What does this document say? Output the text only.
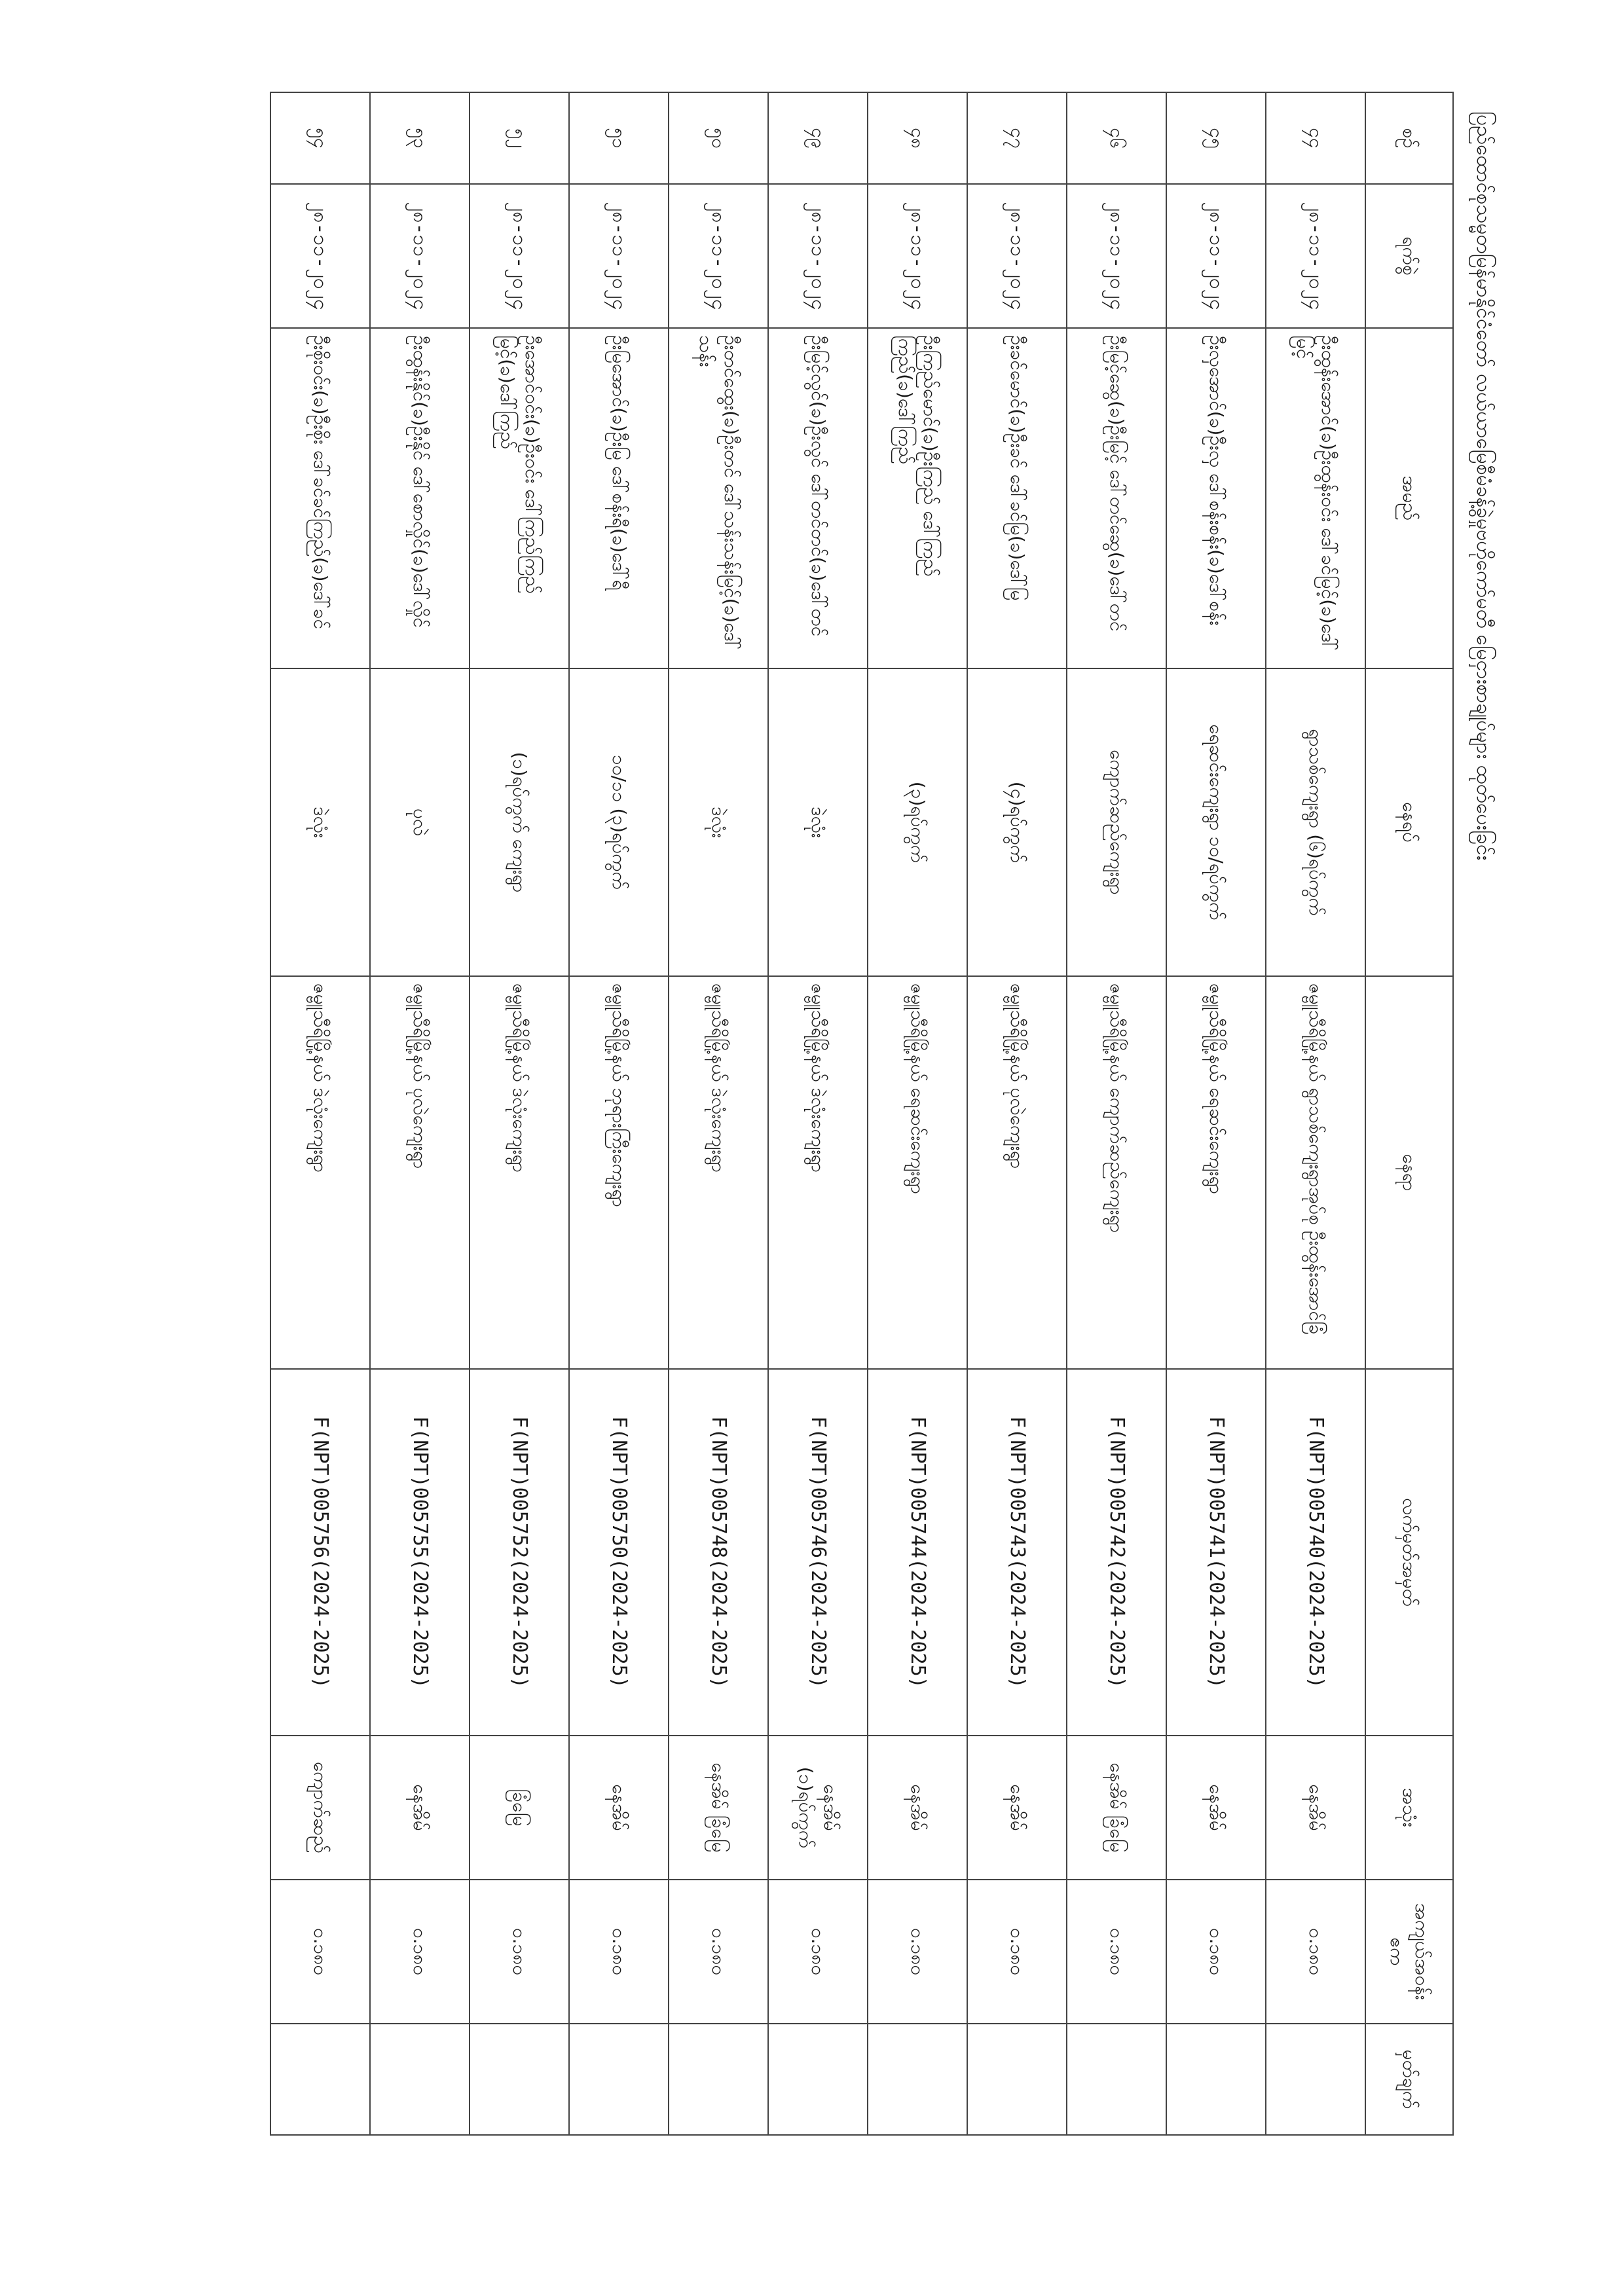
ပြည်ထောင်စုသမ္မတမြန်မာနိုင်ငံတော် လယ်ယာမြေစီမံခန့်ခွဲမှုဗဟိုကော်မတီ မြေငှားစာချုပ်များ ထုတ်ပေးခြင်း
စဉ်	ရက်စွဲ	အမည်	နေရပ်	နေရာ	လက်မှတ်အမှတ်	အသုံး	အကျယ်အဝန်း ဧက	မှတ်ချက်
၄၄	၂၈-၁၁-၂၀၂၄	ဦးထွန်းအောင်(ခ)ဦးထွန်းဝင်း ဒေါ်ခင်မြင့်(ခ)ဒေါ်မြင့်	ရွာသစ်ကျေးရွာ (၆)ရပ်ကွက်	ဇမ္ဗူသီရိမြို့နယ် ရွာသစ်ကျေးရွာအုပ်စု ဦးထွန်းအောင်ခြံ	F(NPT)005740(2024-2025)	နေအိမ်	၀.၁၈၀	
၄၅	၂၈-၁၁-၂၀၂၄	ဦးလှအောင်(ခ)ဦးလှ ဒေါ်စန်းစန်း(ခ)ဒေါ်စန်း	ရေဆင်းကျေးရွာ ၁၀/ရပ်ကွက်	ဇမ္ဗူသီရိမြို့နယ် ရေဆင်းကျေးရွာ	F(NPT)005741(2024-2025)	နေအိမ်	၀.၁၈၀	
၄၆	၂၈-၁၁-၂၀၂၄	ဦးမြင့်ဆွေ(ခ)ဦးမြင့် ဒေါ်တင်ဆွေ(ခ)ဒေါ်တင်	ကျောက်ဆည်ကျေးရွာ	ဇမ္ဗူသီရိမြို့နယ် ကျောက်ဆည်ကျေးရွာ	F(NPT)005742(2024-2025)	နေအိမ် ခြံမြေ	၀.၁၈၀	
၄၇	၂၈-၁၁-၂၀၂၄	ဦးခင်မောင်(ခ)ဦးခင် ဒေါ်ခင်မြ(ခ)ဒေါ်မြ	(၄)ရပ်ကွက်	ဇမ္ဗူသီရိမြို့နယ် ပုလဲကျေးရွာ	F(NPT)005743(2024-2025)	နေအိမ်	၀.၁၈၀	
၄၈	၂၈-၁၁-၂၀၂၄	ဦးကြည်မောင်(ခ)ဦးကြည် ဒေါ်ကြည်ကြည်(ခ)ဒေါ်ကြည်	(၃)ရပ်ကွက်	ဇမ္ဗူသီရိမြို့နယ် ရေဆင်းကျေးရွာ	F(NPT)005744(2024-2025)	နေအိမ်	၀.၁၈၀	
၄၉	၂၈-၁၁-၂၀၂၄	ဦးမြင့်လွင်(ခ)ဦးလွင် ဒေါ်တင်တင်(ခ)ဒေါ်တင်	ဒဲလုံး	ဇမ္ဗူသီရိမြို့နယ် ဒဲလုံးကျေးရွာ	F(NPT)005746(2024-2025)	နေအိမ် (၁)ရပ်ကွက်	၀.၁၈၀	
၅၀	၂၈-၁၁-၂၀၂၄	ဦးတင်ထွေး(ခ)ဦးတင် ဒေါ်သန်းသန်းမြင့်(ခ)ဒေါ်သန်း	ဒဲလုံး	ဇမ္ဗူသီရိမြို့နယ် ဒဲလုံးကျေးရွာ	F(NPT)005748(2024-2025)	နေအိမ် ခြံမြေ	၀.၁၈၀	
၅၁	၂၈-၁၁-၂၀၂၄	ဦးမြအောင်(ခ)ဦးမြ ဒေါ်စန်းရီ(ခ)ဒေါ်ရီ	၁၀/၁၁ (၃)ရပ်ကွက်	ဇမ္ဗူသီရိမြို့နယ် ဘုရားကြီးကျေးရွာ	F(NPT)005750(2024-2025)	နေအိမ်	၀.၁၈၀	
၅၂	၂၈-၁၁-၂၀၂၄	ဦးအောင်ဝင်း(ခ)ဦးဝင်း ဒေါ်ကြည်ကြည်မြင့်(ခ)ဒေါ်ကြည်	(၁)ရပ်ကွက် ကျေးရွာ	ဇမ္ဗူသီရိမြို့နယ် ဒဲလုံးကျေးရွာ	F(NPT)005752(2024-2025)	ခြံမြေ	၀.၁၈၀	
၅၃	၂၈-၁၁-၂၀၂၄	ဦးထွန်းနိုင်(ခ)ဦးနိုင် ဒေါ်စောလှိုင်(ခ)ဒေါ်လှိုင်	ပုလဲ	ဇမ္ဗူသီရိမြို့နယ် ပုလဲကျေးရွာ	F(NPT)005755(2024-2025)	နေအိမ်	၀.၁၈၀	
၅၄	၂၈-၁၁-၂၀၂၄	ဦးစိုးဝင်း(ခ)ဦးစိုး ဒေါ်ခင်ခင်ကြည်(ခ)ဒေါ်ခင်	ဒဲလုံး	ဇမ္ဗူသီရိမြို့နယ် ဒဲလုံးကျေးရွာ	F(NPT)005756(2024-2025)	ကျောက်ဆည်	၀.၁၈၀	
